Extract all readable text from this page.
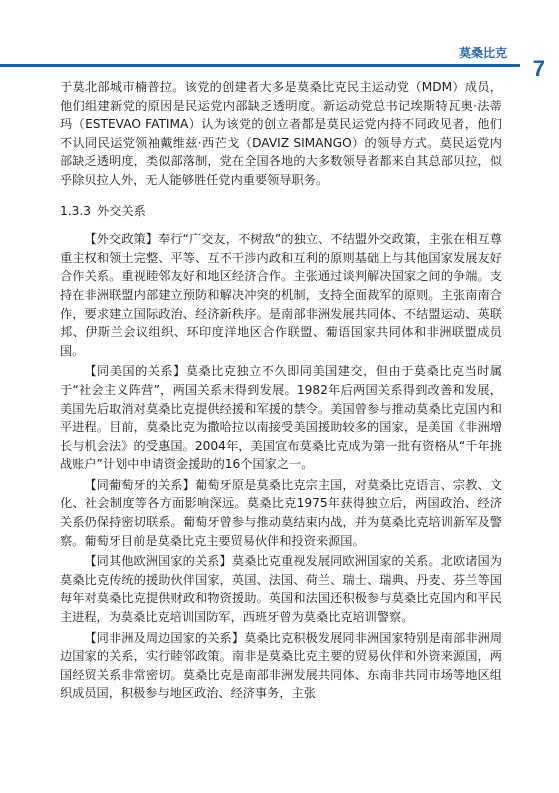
莫桑比克
7

于莫北部城市楠普拉。该党的创建者大多是莫桑比克民主运动党（MDM）成员，他们组建新党的原因是民运党内部缺乏透明度。新运动党总书记埃斯特瓦奥·法蒂玛（ESTEVAO FATIMA）认为该党的创立者都是莫民运党内持不同政见者，他们不认同民运党领袖戴维兹·西芒戈（DAVIZ SIMANGO）的领导方式。莫民运党内部缺乏透明度，类似部落制，党在全国各地的大多数领导者都来自其总部贝拉，似乎除贝拉人外，无人能够胜任党内重要领导职务。

1.3.3 外交关系

【外交政策】奉行“广交友，不树敌”的独立、不结盟外交政策，主张在相互尊重主权和领土完整、平等、互不干涉内政和互利的原则基础上与其他国家发展友好合作关系。重视睦邻友好和地区经济合作。主张通过谈判解决国家之间的争端。支持在非洲联盟内部建立预防和解决冲突的机制，支持全面裁军的原则。主张南南合作，要求建立国际政治、经济新秩序。是南部非洲发展共同体、不结盟运动、英联邦、伊斯兰会议组织、环印度洋地区合作联盟、葡语国家共同体和非洲联盟成员国。

【同美国的关系】莫桑比克独立不久即同美国建交，但由于莫桑比克当时属于“社会主义阵营”，两国关系未得到发展。1982年后两国关系得到改善和发展，美国先后取消对莫桑比克提供经援和军援的禁令。美国曾参与推动莫桑比克国内和平进程。目前，莫桑比克为撒哈拉以南接受美国援助较多的国家，是美国《非洲增长与机会法》的受惠国。2004年，美国宣布莫桑比克成为第一批有资格从“千年挑战账户”计划中申请资金援助的16个国家之一。

【同葡萄牙的关系】葡萄牙原是莫桑比克宗主国，对莫桑比克语言、宗教、文化、社会制度等各方面影响深远。莫桑比克1975年获得独立后，两国政治、经济关系仍保持密切联系。葡萄牙曾参与推动莫结束内战，并为莫桑比克培训新军及警察。葡萄牙目前是莫桑比克主要贸易伙伴和投资来源国。

【同其他欧洲国家的关系】莫桑比克重视发展同欧洲国家的关系。北欧诸国为莫桑比克传统的援助伙伴国家，英国、法国、荷兰、瑞士、瑞典、丹麦、芬兰等国每年对莫桑比克提供财政和物资援助。英国和法国还积极参与莫桑比克国内和平民主进程，为莫桑比克培训国防军，西班牙曾为莫桑比克培训警察。

【同非洲及周边国家的关系】莫桑比克积极发展同非洲国家特别是南部非洲周边国家的关系，实行睦邻政策。南非是莫桑比克主要的贸易伙伴和外资来源国，两国经贸关系非常密切。莫桑比克是南部非洲发展共同体、东南非共同市场等地区组织成员国，积极参与地区政治、经济事务，主张
